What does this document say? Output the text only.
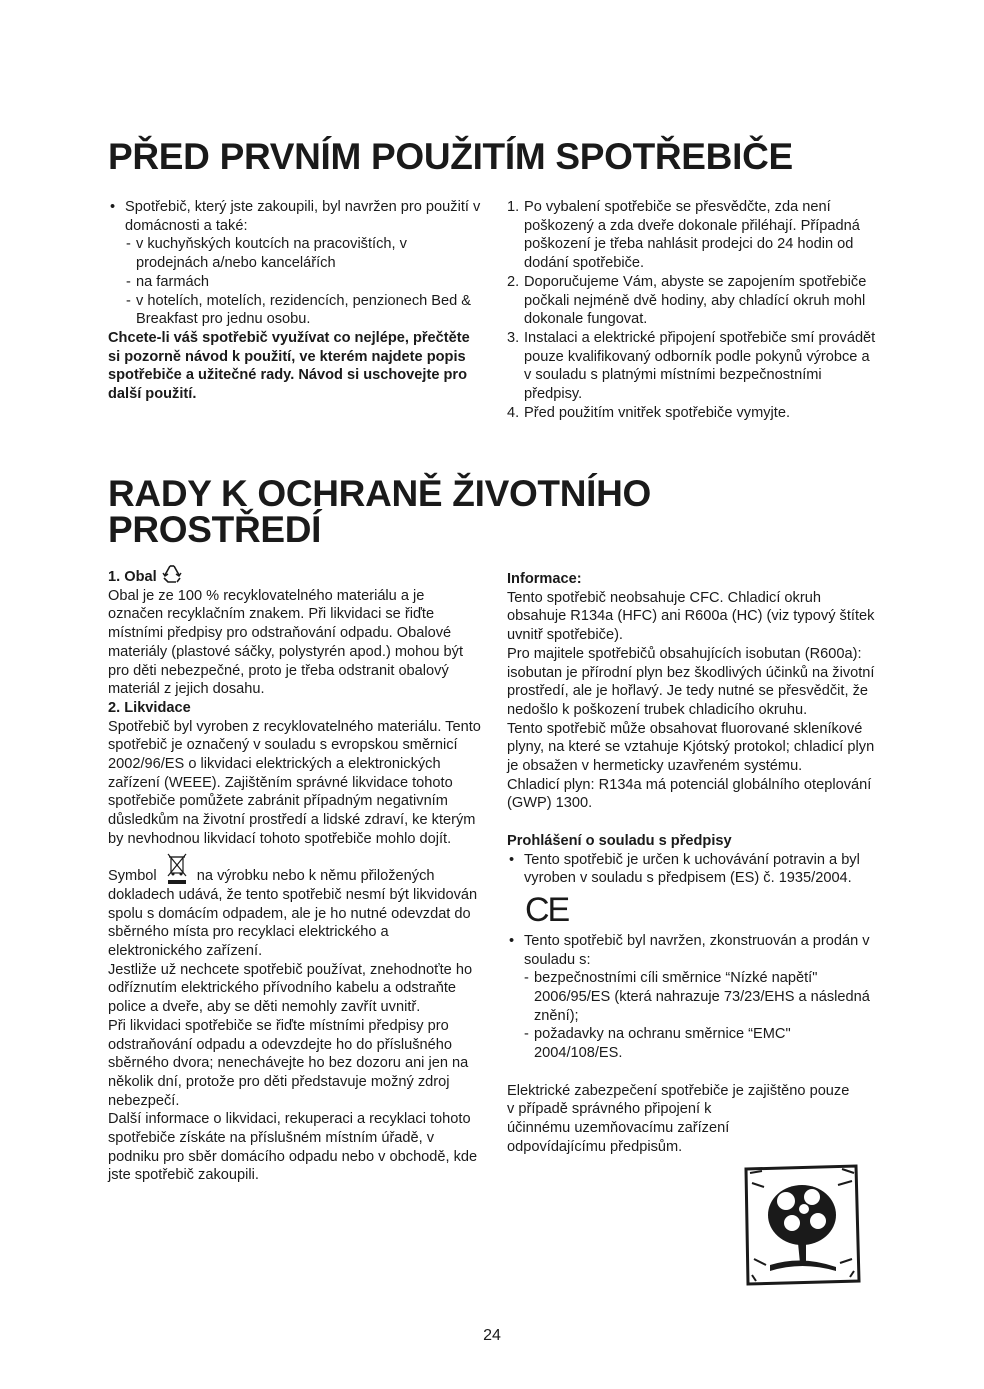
PŘED PRVNÍM POUŽITÍM SPOTŘEBIČE
• Spotřebič, který jste zakoupili, byl navržen pro použití v domácnosti a také:
- v kuchyňských koutcích na pracovištích, v prodejnách a/nebo kancelářích
- na farmách
- v hotelích, motelích, rezidencích, penzionech Bed & Breakfast pro jednu osobu.
Chcete-li váš spotřebič využívat co nejlépe, přečtěte si pozorně návod k použití, ve kterém najdete popis spotřebiče a užitečné rady. Návod si uschovejte pro další použití.
1. Po vybalení spotřebiče se přesvědčte, zda není poškozený a zda dveře dokonale přiléhají. Případná poškození je třeba nahlásit prodejci do 24 hodin od dodání spotřebiče.
2. Doporučujeme Vám, abyste se zapojením spotřebiče počkali nejméně dvě hodiny, aby chladící okruh mohl dokonale fungovat.
3. Instalaci a elektrické připojení spotřebiče smí provádět pouze kvalifikovaný odborník podle pokynů výrobce a v souladu s platnými místními bezpečnostními předpisy.
4. Před použitím vnitřek spotřebiče vymyjte.
RADY K OCHRANĚ ŽIVOTNÍHO
PROSTŘEDÍ
1. Obal

Obal je ze 100 % recyklovatelného materiálu a je označen recyklačním znakem. Při likvidaci se řiďte místními předpisy pro odstraňování odpadu. Obalové materiály (plastové sáčky, polystyrén apod.) mohou být pro děti nebezpečné, proto je třeba odstranit obalový materiál z jejich dosahu.

2. Likvidace

Spotřebič byl vyroben z recyklovatelného materiálu. Tento spotřebič je označený v souladu s evropskou směrnicí 2002/96/ES o likvidaci elektrických a elektronických zařízení (WEEE). Zajištěním správné likvidace tohoto spotřebiče pomůžete zabránit případným negativním důsledkům na životní prostředí a lidské zdraví, ke kterým by nevhodnou likvidací tohoto spotřebiče mohlo dojít.

Symbol	na výrobku nebo k němu přiložených dokladech udává, že tento spotřebič nesmí být likvidován spolu s domácím odpadem, ale je ho nutné odevzdat do sběrného místa pro recyklaci elektrického a elektronického zařízení.

Jestliže už nechcete spotřebič používat, znehodnoťte ho odříznutím elektrického přívodního kabelu a odstraňte police a dveře, aby se děti nemohly zavřít uvnitř.

Při likvidaci spotřebiče se řiďte místními předpisy pro odstraňování odpadu a odevzdejte ho do příslušného sběrného dvora; nenechávejte ho bez dozoru ani jen na několik dní, protože pro děti představuje možný zdroj nebezpečí.

Další informace o likvidaci, rekuperaci a recyklaci tohoto spotřebiče získáte na příslušném místním úřadě, v podniku pro sběr domácího odpadu nebo v obchodě, kde jste spotřebič zakoupili.

Informace:

Tento spotřebič neobsahuje CFC. Chladicí okruh obsahuje R134a (HFC) ani R600a (HC) (viz typový štítek uvnitř spotřebiče).

Pro majitele spotřebičů obsahujících isobutan (R600a): isobutan je přírodní plyn bez škodlivých účinků na životní prostředí, ale je hořlavý. Je tedy nutné se přesvědčit, že nedošlo k poškození trubek chladicího okruhu.

Tento spotřebič může obsahovat fluorované skleníkové plyny, na které se vztahuje Kjótský protokol; chladicí plyn je obsažen v hermeticky uzavřeném systému.

Chladicí plyn: R134a má potenciál globálního oteplování (GWP) 1300.

Prohlášení o souladu s předpisy
• Tento spotřebič je určen k uchovávání potravin a byl vyroben v souladu s předpisem (ES) č. 1935/2004.
CE
• Tento spotřebič byl navržen, zkonstruován a prodán v souladu s:
- bezpečnostními cíli směrnice “Nízké napětí" 2006/95/ES (která nahrazuje 73/23/EHS a následná znění);
- požadavky na ochranu směrnice “EMC" 2004/108/ES.
Elektrické zabezpečení spotřebiče je zajištěno pouze
v případě správného připojení k účinnému uzemňovacímu zařízení odpovídajícímu předpisům.
24
